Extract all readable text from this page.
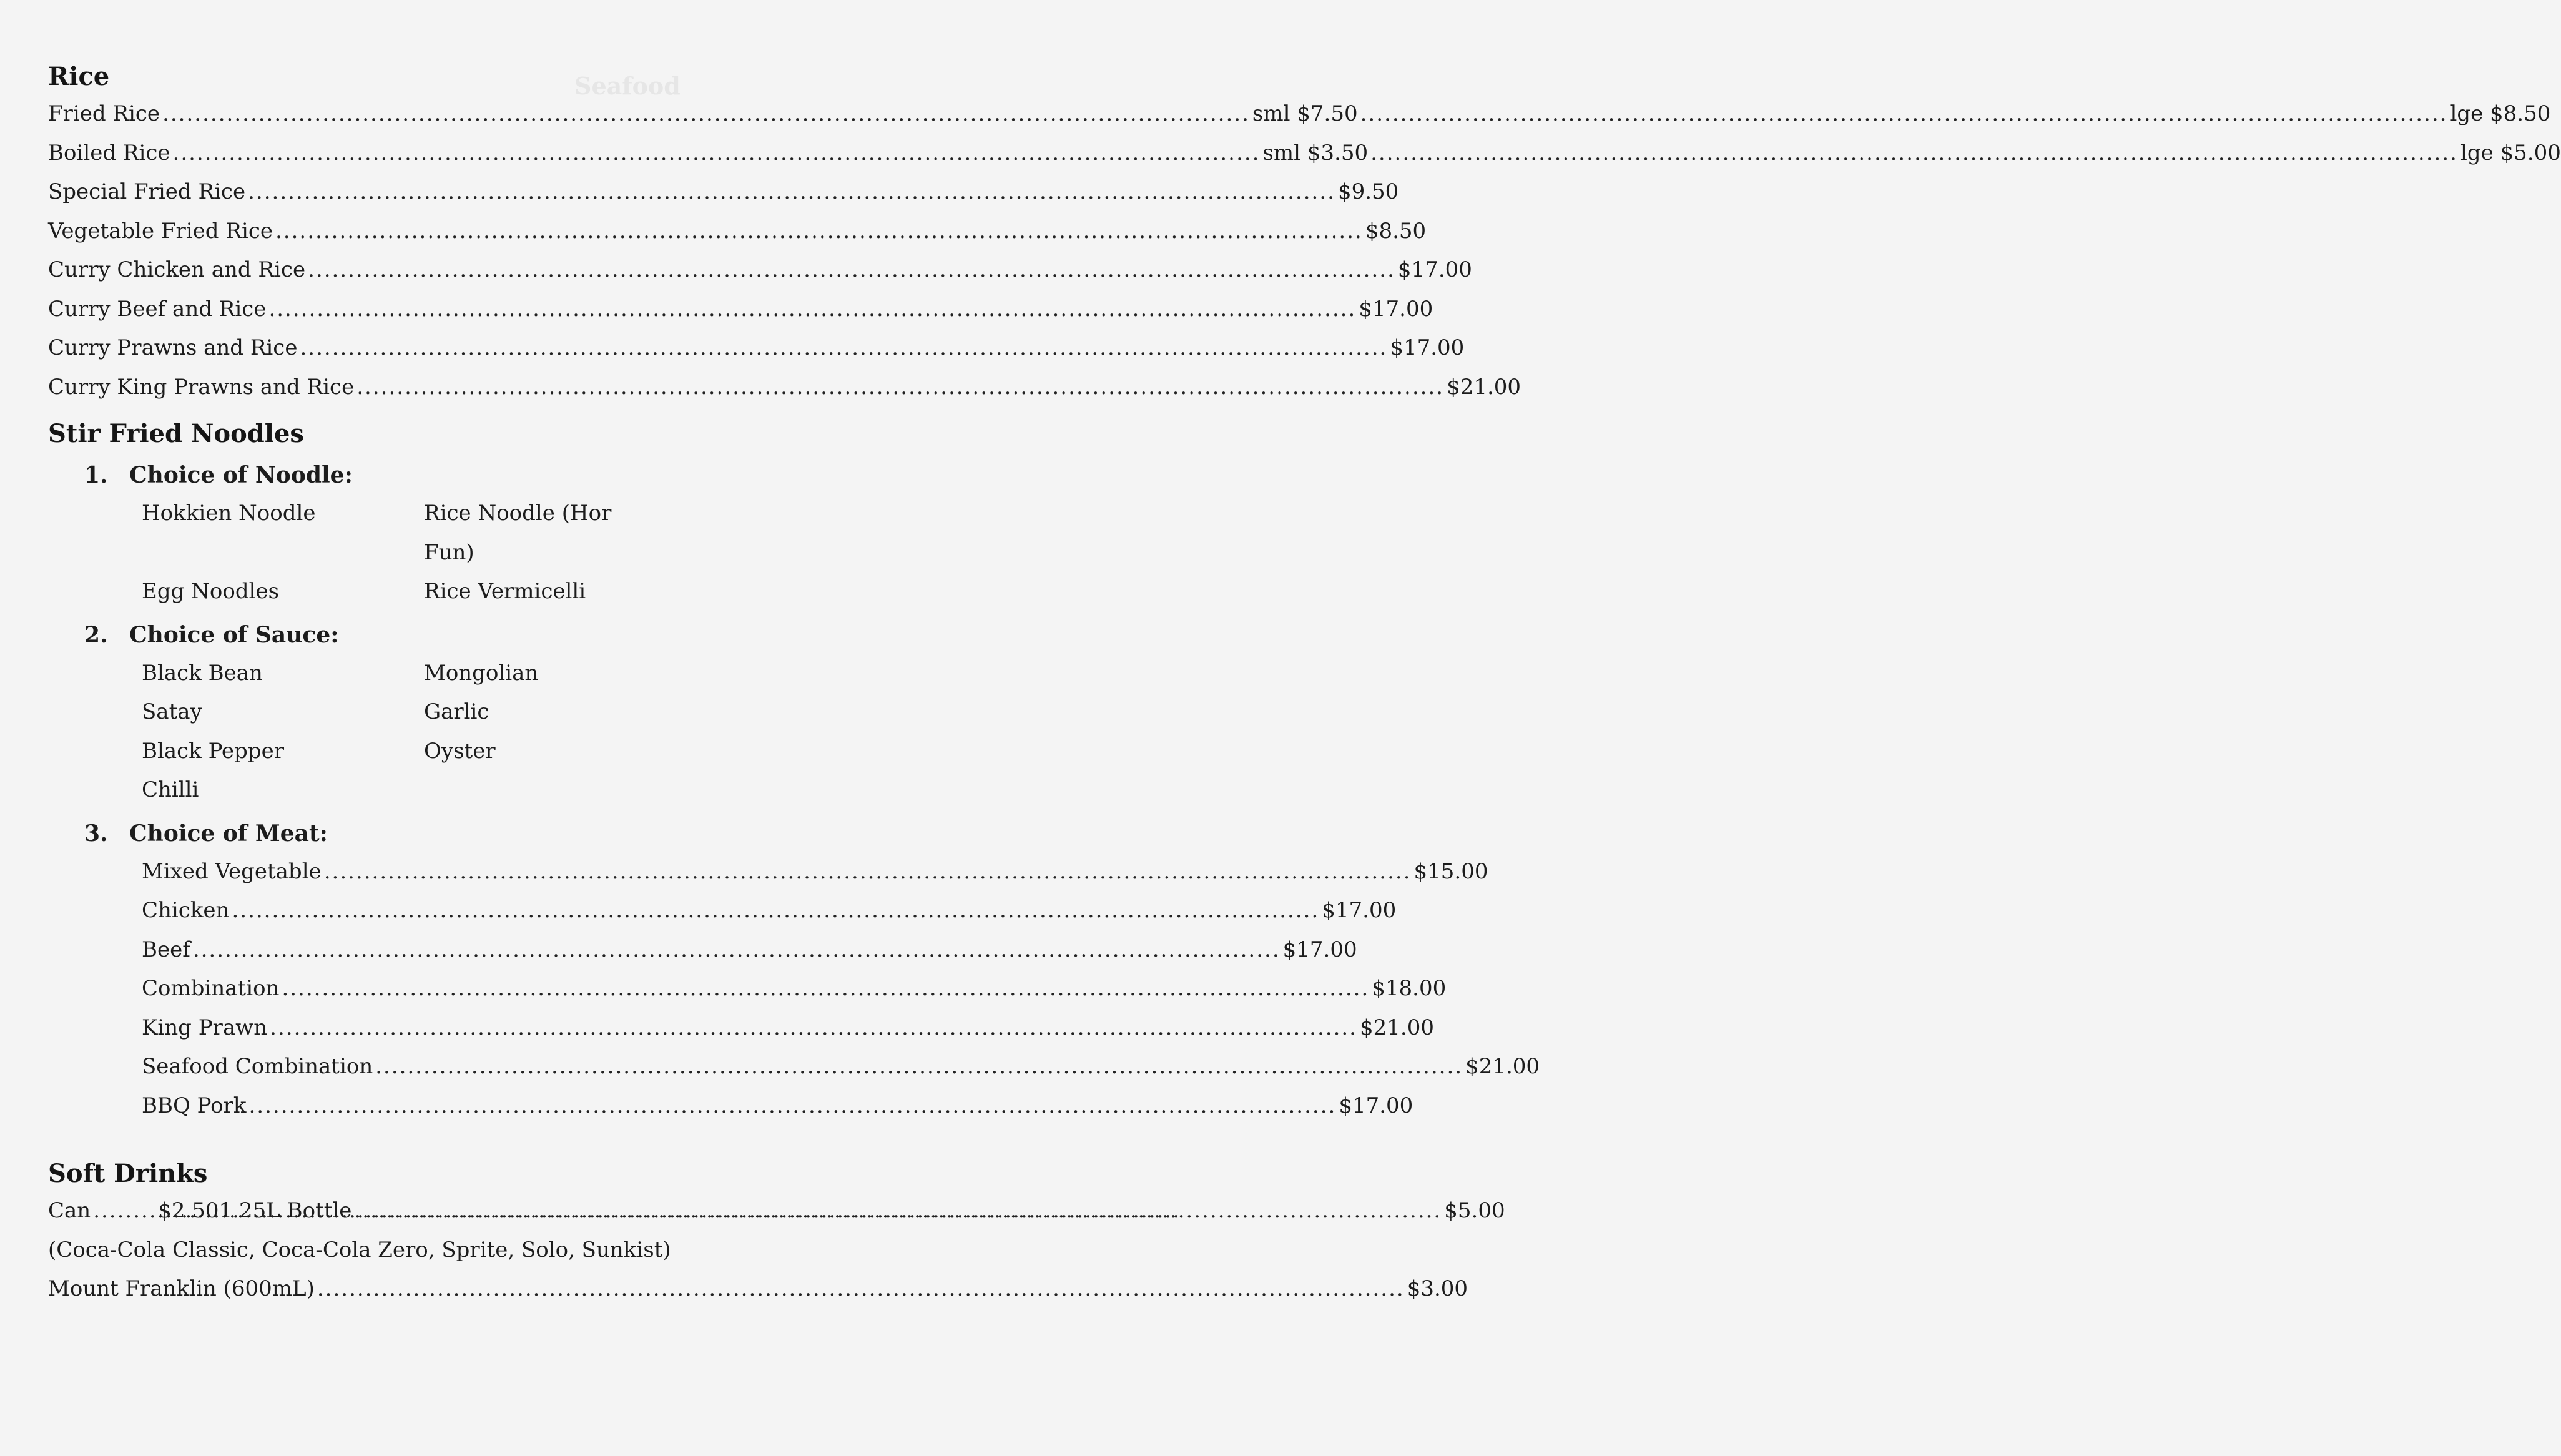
Seafood
Rice
Fried Rice .....	sml $7.50 .....	lge $8.50
Boiled Rice .....	sml $3.50 .....	lge $5.00
Special Fried Rice .....	$9.50
Vegetable Fried Rice .....	$8.50
Curry Chicken and Rice .....	$17.00
Curry Beef and Rice .....	$17.00
Curry Prawns and Rice .....	$17.00
Curry King Prawns and Rice .....	$21.00
Stir Fried Noodles
1. Choice of Noodle:
Hokkien Noodle	Rice Noodle (Hor Fun)
Egg Noodles	Rice Vermicelli
2. Choice of Sauce:
Black Bean	Mongolian
Satay	Garlic
Black Pepper	Oyster
Chilli
3. Choice of Meat:
Mixed Vegetable .....	$15.00
Chicken .....	$17.00
Beef .....	$17.00
Combination .....	$18.00
King Prawn .....	$21.00
Seafood Combination .....	$21.00
BBQ Pork .....	$17.00
Soft Drinks
Can .....	$2.50 1.25L Bottle .....	$5.00
(Coca-Cola Classic, Coca-Cola Zero, Sprite, Solo, Sunkist)
Mount Franklin (600mL) .....	$3.00
